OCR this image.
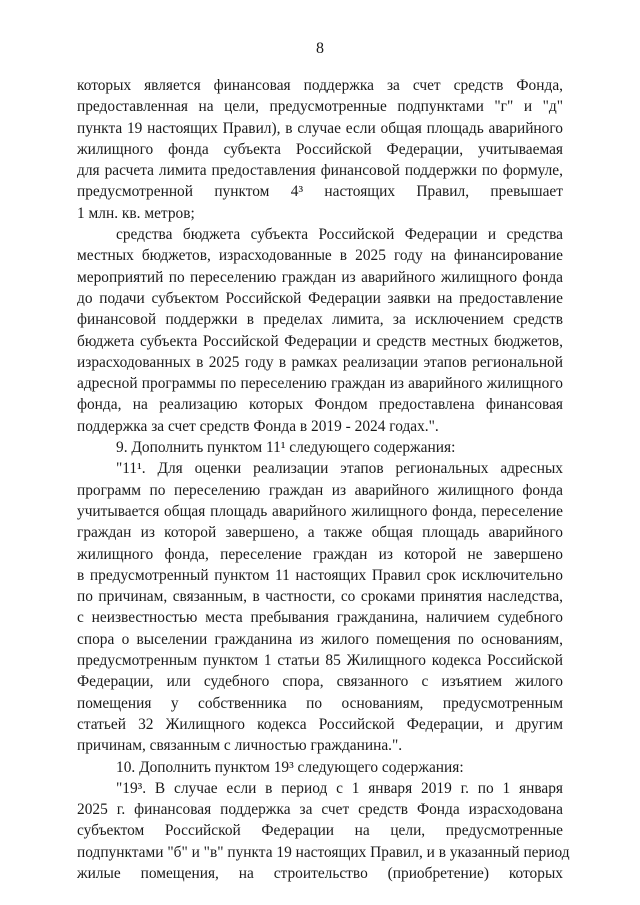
8
которых является финансовая поддержка за счет средств Фонда,
предоставленная на цели, предусмотренные подпунктами "г" и "д"
пункта 19 настоящих Правил), в случае если общая площадь аварийного
жилищного фонда субъекта Российской Федерации, учитываемая
для расчета лимита предоставления финансовой поддержки по формуле,
предусмотренной пунктом 4³ настоящих Правил, превышает
1 млн. кв. метров;
средства бюджета субъекта Российской Федерации и средства
местных бюджетов, израсходованные в 2025 году на финансирование
мероприятий по переселению граждан из аварийного жилищного фонда
до подачи субъектом Российской Федерации заявки на предоставление
финансовой поддержки в пределах лимита, за исключением средств
бюджета субъекта Российской Федерации и средств местных бюджетов,
израсходованных в 2025 году в рамках реализации этапов региональной
адресной программы по переселению граждан из аварийного жилищного
фонда, на реализацию которых Фондом предоставлена финансовая
поддержка за счет средств Фонда в 2019 - 2024 годах.".
9. Дополнить пунктом 11¹ следующего содержания:
"11¹. Для оценки реализации этапов региональных адресных
программ по переселению граждан из аварийного жилищного фонда
учитывается общая площадь аварийного жилищного фонда, переселение
граждан из которой завершено, а также общая площадь аварийного
жилищного фонда, переселение граждан из которой не завершено
в предусмотренный пунктом 11 настоящих Правил срок исключительно
по причинам, связанным, в частности, со сроками принятия наследства,
с неизвестностью места пребывания гражданина, наличием судебного
спора о выселении гражданина из жилого помещения по основаниям,
предусмотренным пунктом 1 статьи 85 Жилищного кодекса Российской
Федерации, или судебного спора, связанного с изъятием жилого
помещения у собственника по основаниям, предусмотренным
статьей 32 Жилищного кодекса Российской Федерации, и другим
причинам, связанным с личностью гражданина.".
10. Дополнить пунктом 19³ следующего содержания:
"19³. В случае если в период с 1 января 2019 г. по 1 января
2025 г. финансовая поддержка за счет средств Фонда израсходована
субъектом Российской Федерации на цели, предусмотренные
подпунктами "б" и "в" пункта 19 настоящих Правил, и в указанный период
жилые помещения, на строительство (приобретение) которых
